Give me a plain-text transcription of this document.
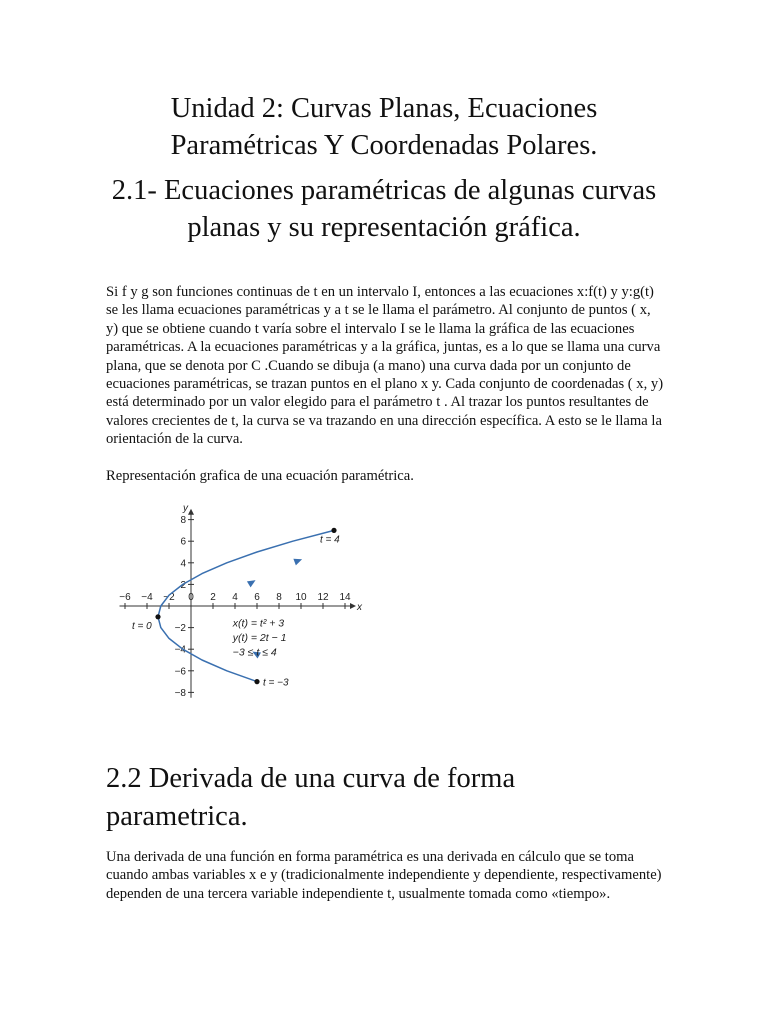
Unidad 2: Curvas Planas, Ecuaciones
Paramétricas Y Coordenadas Polares.
2.1- Ecuaciones paramétricas de algunas curvas
planas y su representación gráfica.

Si f y g son funciones continuas de t en un intervalo I, entonces a las ecuaciones x:f(t) y y:g(t) se les llama ecuaciones paramétricas y a t se le llama el parámetro. Al conjunto de puntos ( x, y) que se obtiene cuando t varía sobre el intervalo I se le llama la gráfica de las ecuaciones paramétricas. A la ecuaciones paramétricas y a la gráfica, juntas, es a lo que se llama una curva plana, que se denota por C .Cuando se dibuja (a mano) una curva dada por un conjunto de ecuaciones paramétricas, se trazan puntos en el plano x y. Cada conjunto de coordenadas ( x, y) está determinado por un valor elegido para el parámetro t . Al trazar los puntos resultantes de valores crecientes de t, la curva se va trazando en una dirección específica. A esto se le llama la orientación de la curva.

Representación grafica de una ecuación paramétrica.

x
y
−6 −4 −2 0 2 4 6 8 10 12 14
−8
−6
−4
−2
2
4
6
8
t = 4
t = 0
t = −3
x(t) = t² + 3
y(t) = 2t − 1
−3 ≤ t ≤ 4
2.2 Derivada de una curva de forma
parametrica.

Una derivada de una función en forma paramétrica es una derivada en cálculo que se toma cuando ambas variables x e y (tradicionalmente independiente y dependiente, respectivamente) dependen de una tercera variable independiente t, usualmente tomada como «tiempo».
